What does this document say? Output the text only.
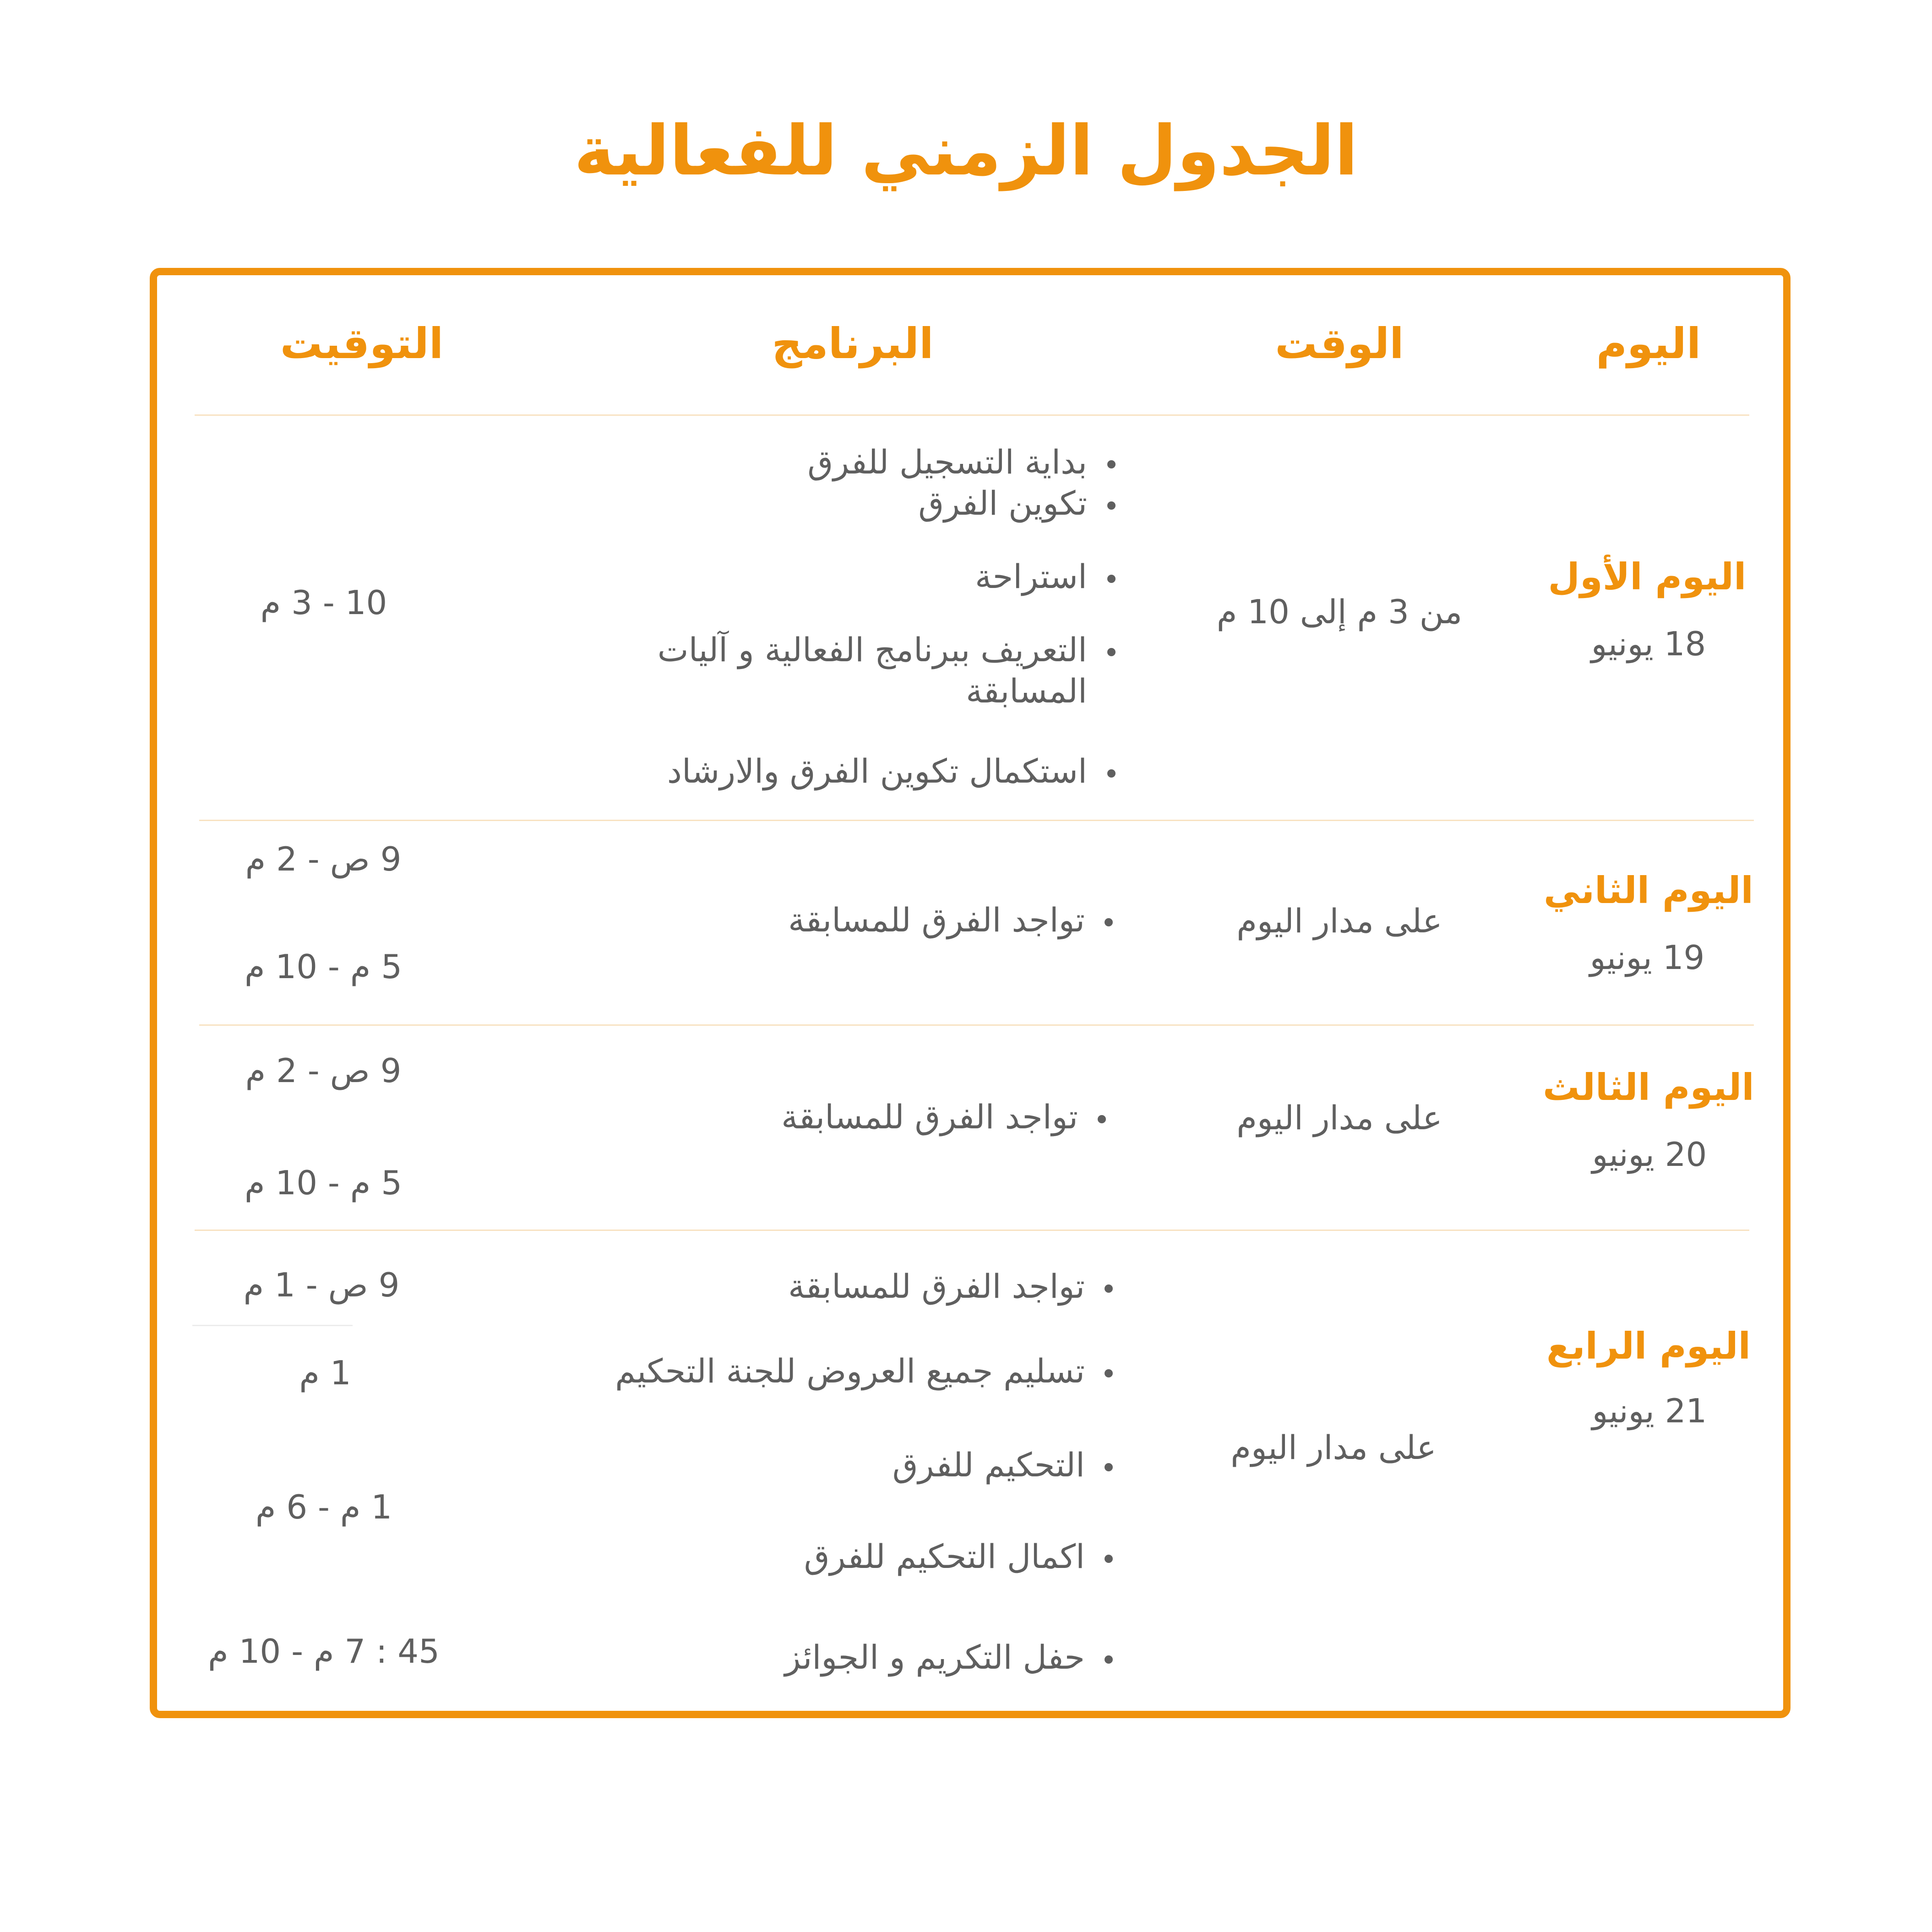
الجدول الزمني للفعالية
اليوم
الوقت
البرنامج
التوقيت
اليوم الأول
18 يونيو
من 3 م إلى 10 م
بداية التسجيل للفرق
تكوين الفرق
استراحة
التعريف ببرنامج الفعالية و آليات
المسابقة
استكمال تكوين الفرق والارشاد
10 - 3 م
اليوم الثاني
19 يونيو
على مدار اليوم
تواجد الفرق للمسابقة
9 ص - 2 م
5 م - 10 م
اليوم الثالث
20 يونيو
على مدار اليوم
تواجد الفرق للمسابقة
9 ص - 2 م
5 م - 10 م
اليوم الرابع
21 يونيو
على مدار اليوم
تواجد الفرق للمسابقة
تسليم جميع العروض للجنة التحكيم
التحكيم للفرق
اكمال التحكيم للفرق
حفل التكريم و الجوائز
9 ص - 1 م
1 م
1 م - 6 م
45 : 7 م - 10 م
